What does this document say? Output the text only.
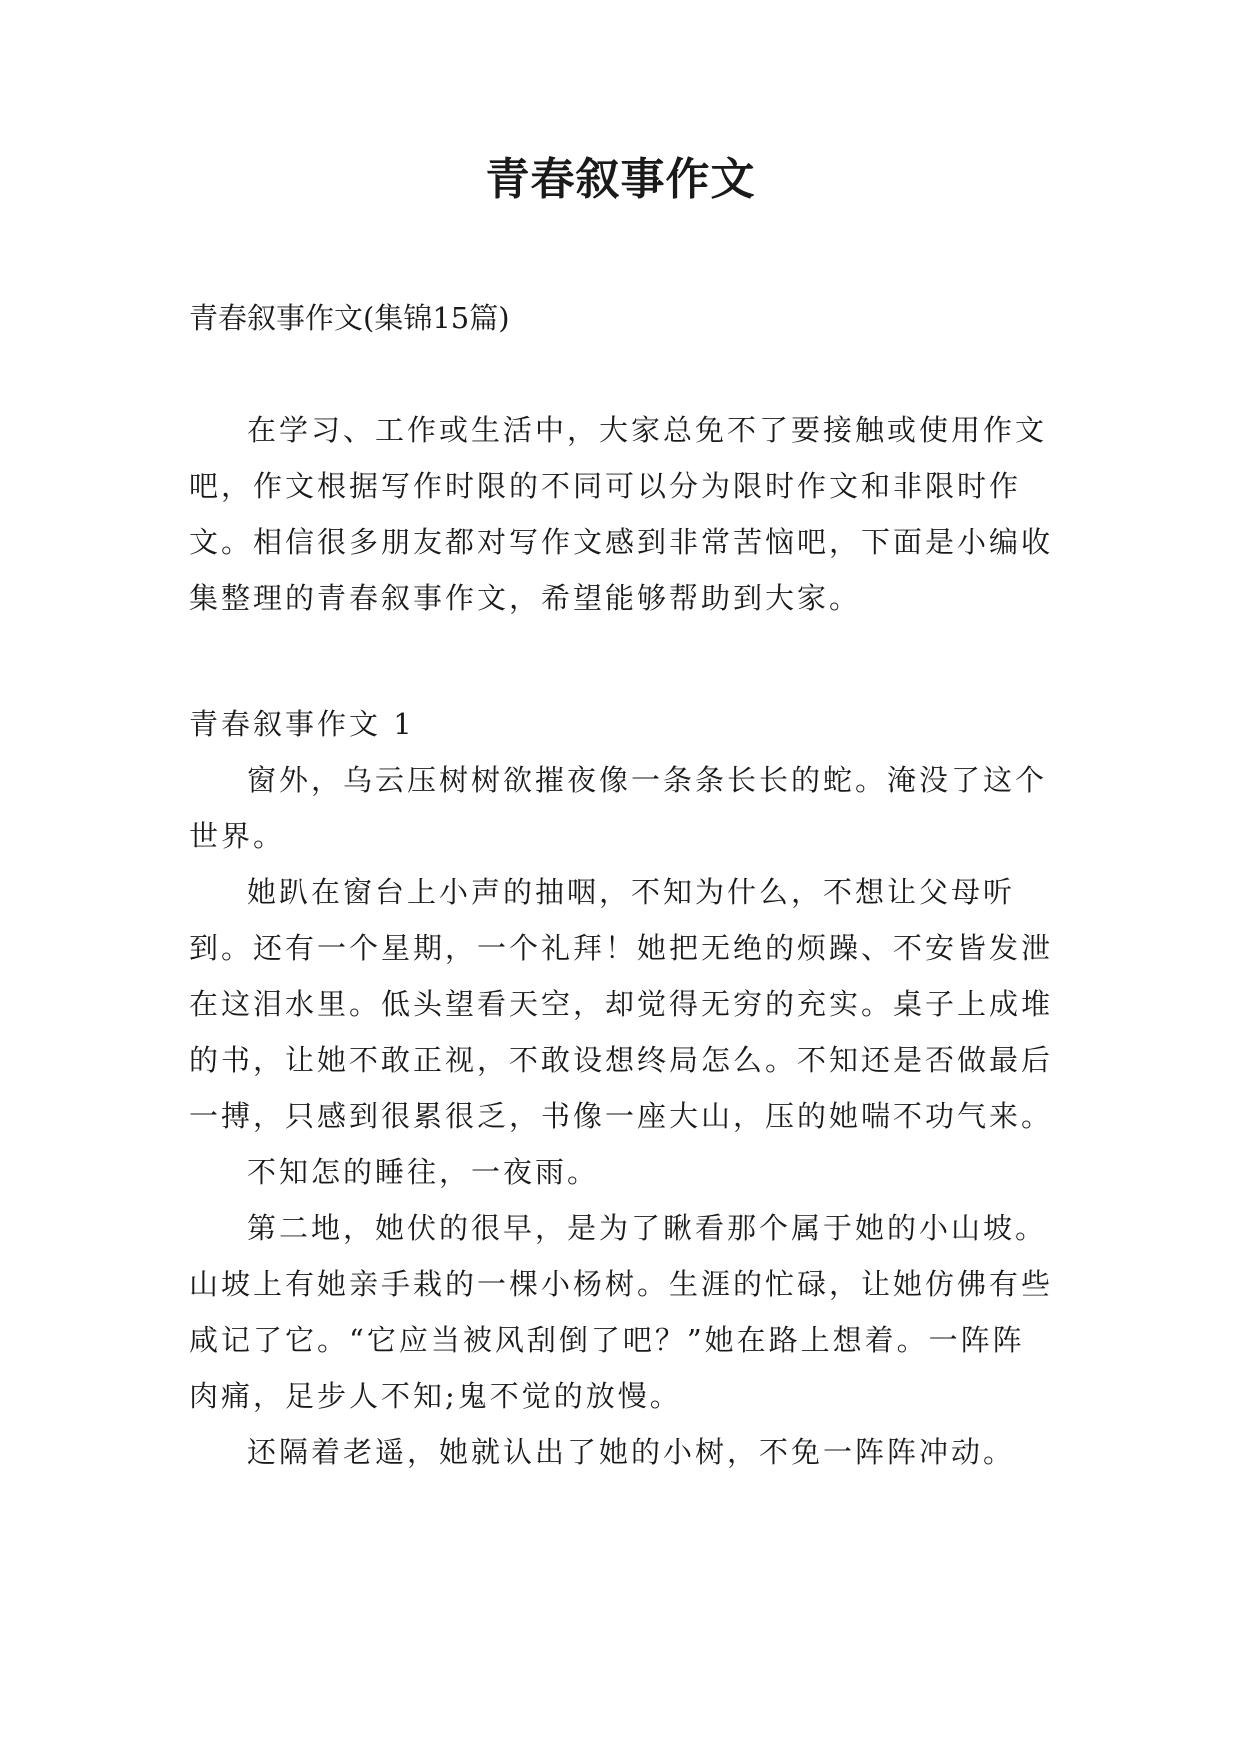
青春叙事作文
青春叙事作文(集锦15篇)

在学习、工作或生活中，大家总免不了要接触或使用作文吧，作文根据写作时限的不同可以分为限时作文和非限时作文。相信很多朋友都对写作文感到非常苦恼吧，下面是小编收集整理的青春叙事作文，希望能够帮助到大家。

青春叙事作文 1

窗外，乌云压树树欲摧夜像一条条长长的蛇。淹没了这个世界。

她趴在窗台上小声的抽咽，不知为什么，不想让父母听到。还有一个星期，一个礼拜！她把无绝的烦躁、不安皆发泄在这泪水里。低头望看天空，却觉得无穷的充实。桌子上成堆的书，让她不敢正视，不敢设想终局怎么。不知还是否做最后一搏，只感到很累很乏，书像一座大山，压的她喘不功气来。

不知怎的睡往，一夜雨。

第二地，她伏的很早，是为了瞅看那个属于她的小山坡。山坡上有她亲手栽的一棵小杨树。生涯的忙碌，让她仿佛有些咸记了它。“它应当被风刮倒了吧？”她在路上想着。一阵阵肉痛，足步人不知;鬼不觉的放慢。

还隔着老遥，她就认出了她的小树，不免一阵阵冲动。
